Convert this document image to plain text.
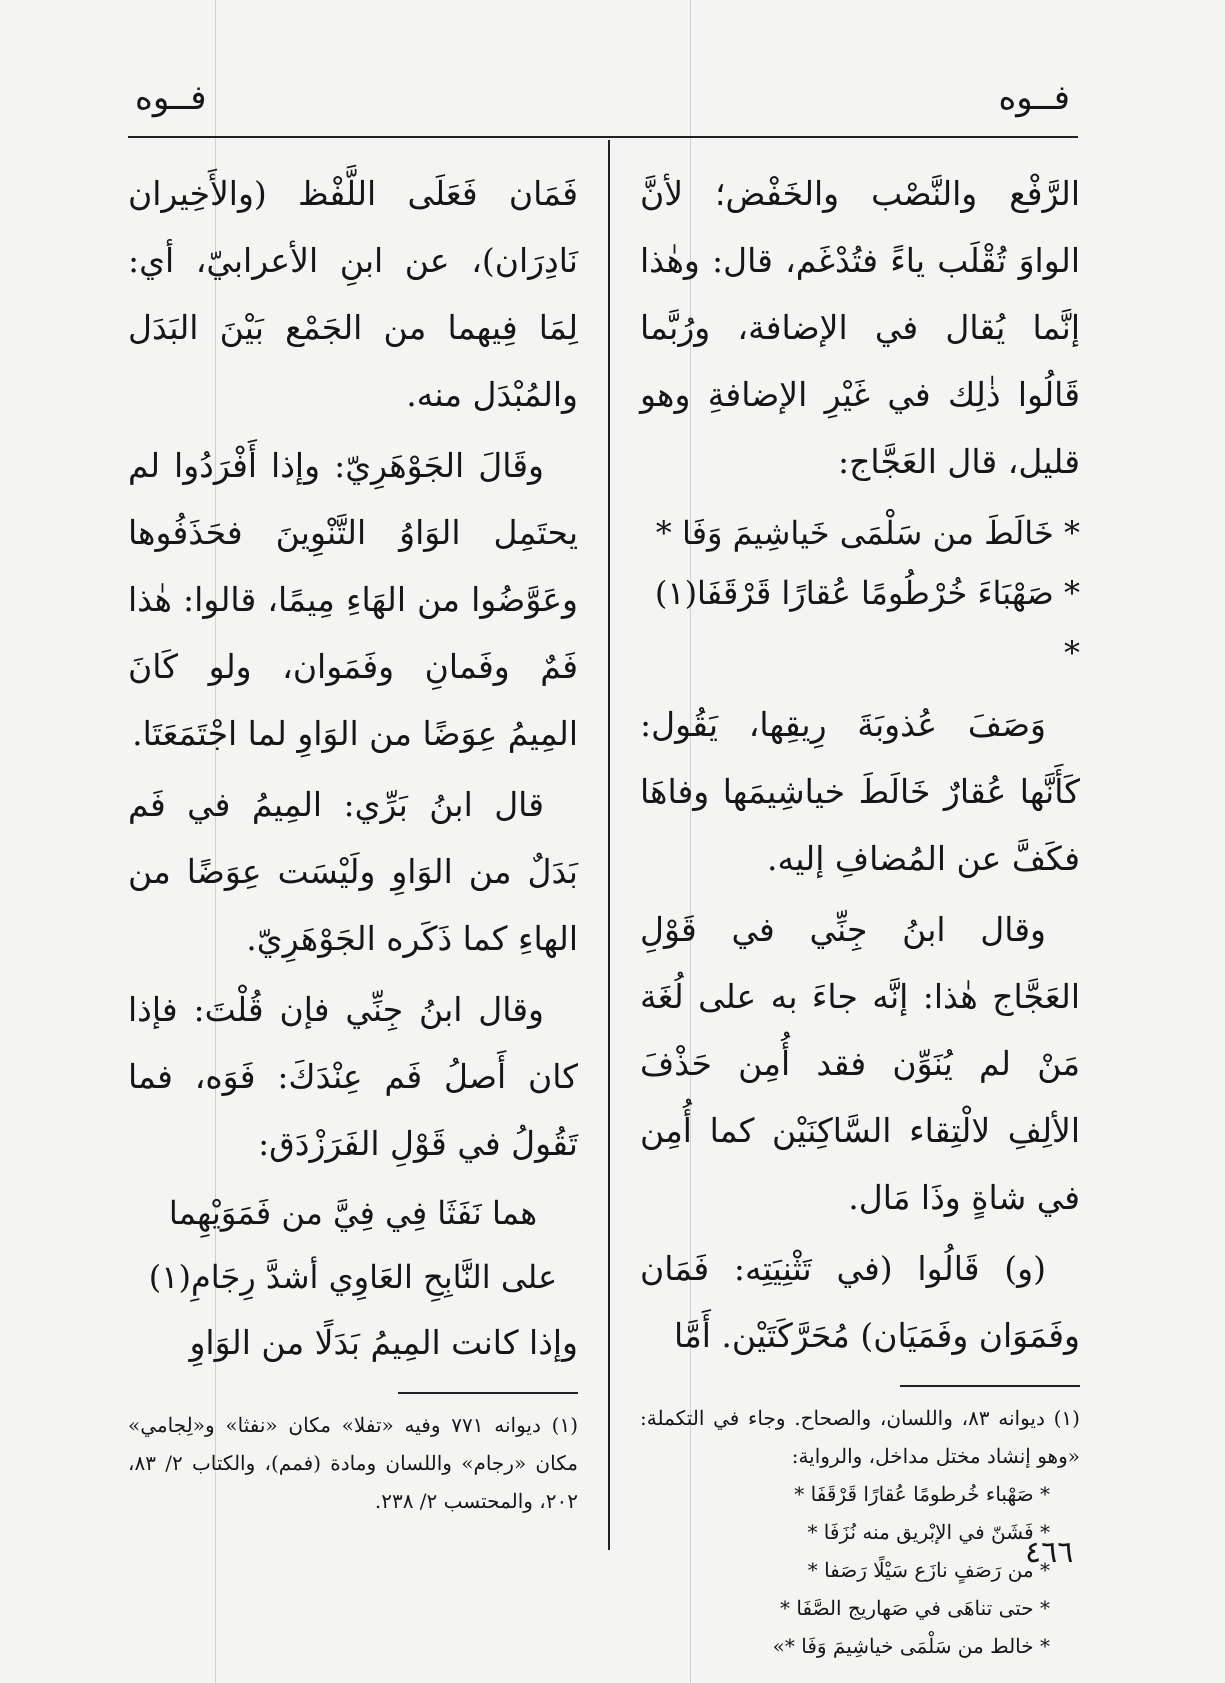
فــوه
فــوه

الرَّفْع والنَّصْب والخَفْض؛ لأنَّ الواوَ تُقْلَب ياءً فتُدْغَم، قال: وهٰذا إنَّما يُقال في الإضافة، ورُبَّما قَالُوا ذٰلِك في غَيْرِ الإضافةِ وهو قليل، قال العَجَّاج:

* خَالَطَ من سَلْمَى خَياشِيمَ وَفَا *

* صَهْبَاءَ خُرْطُومًا عُقارًا قَرْقَفَا(١) *

وَصَفَ عُذوبَةَ رِيقِها، يَقُول: كَأَنَّها عُقارٌ خَالَطَ خياشِيمَها وفاهَا فكَفَّ عن المُضافِ إليه.

وقال ابنُ جِنِّي في قَوْلِ العَجَّاج هٰذا: إنَّه جاءَ به على لُغَة مَنْ لم يُنَوِّن فقد أُمِن حَذْفَ الألِفِ لالْتِقاء السَّاكِنَيْن كما أُمِن في شاةٍ وذَا مَال.

(و) قَالُوا (في تَثْنِيَتِه: فَمَان وفَمَوَان وفَمَيَان) مُحَرَّكَتَيْن. أَمَّا

(١) ديوانه ٨٣، واللسان، والصحاح. وجاء في التكملة: «وهو إنشاد مختل مداخل، والرواية:

* صَهْباء خُرطومًا عُقارًا قَرْقَفَا *

* فَشَنّ في الإبْريق منه نُزَفَا *

* من رَصَفٍ نازَع سَيْلًا رَصَفا *

* حتى تناهَى في صَهاريج الصَّفَا *

* خالط من سَلْمَى خياشِيمَ وَفَا *»

فَمَان فَعَلَى اللَّفْظ (والأَخِيران نَادِرَان)، عن ابنِ الأعرابيّ، أي: لِمَا فِيهما من الجَمْع بَيْنَ البَدَل والمُبْدَل منه.

وقَالَ الجَوْهَرِيّ: وإذا أَفْرَدُوا لم يحتَمِل الوَاوُ التَّنْوِينَ فحَذَفُوها وعَوَّضُوا من الهَاءِ مِيمًا، قالوا: هٰذا فَمٌ وفَمانِ وفَمَوان، ولو كَانَ المِيمُ عِوَضًا من الوَاوِ لما اجْتَمَعَتَا.

قال ابنُ بَرِّي: المِيمُ في فَم بَدَلٌ من الوَاوِ ولَيْسَت عِوَضًا من الهاءِ كما ذَكَره الجَوْهَرِيّ.

وقال ابنُ جِنِّي فإن قُلْتَ: فإذا كان أَصلُ فَم عِنْدَكَ: فَوَه، فما تَقُولُ في قَوْلِ الفَرَزْدَق:

هما نَفَثَا فِي فِيَّ من فَمَوَيْهِما

على النَّابِحِ العَاوِي أشدَّ رِجَامِ(١)

وإذا كانت المِيمُ بَدَلًا من الوَاوِ

(١) ديوانه ٧٧١ وفيه «تفلا» مكان «نفثا» و«لِجامي» مكان «رجام» واللسان ومادة (فمم)، والكتاب ٢/ ٨٣، ٢٠٢، والمحتسب ٢/ ٢٣٨.

٤٦٦
